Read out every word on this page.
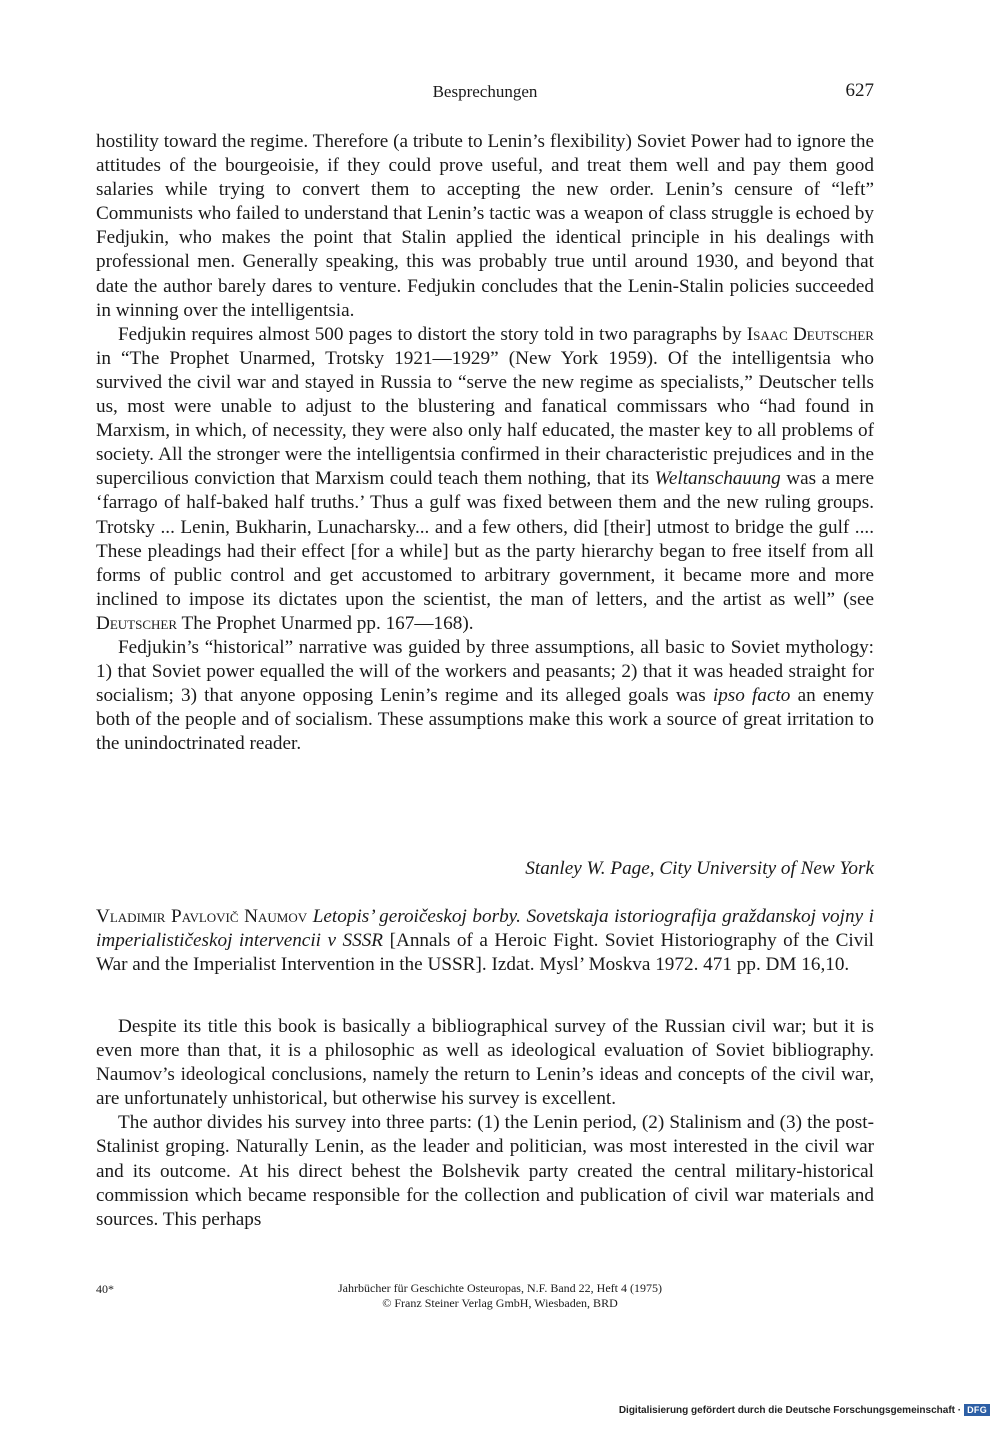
Besprechungen	627

hostility toward the regime. Therefore (a tribute to Lenin’s flexibility) Soviet Power had to ignore the attitudes of the bourgeoisie, if they could prove useful, and treat them well and pay them good salaries while trying to convert them to accepting the new order. Lenin’s censure of “left” Communists who failed to understand that Lenin’s tactic was a weapon of class struggle is echoed by Fedjukin, who makes the point that Stalin applied the identical principle in his dealings with professional men. Generally speaking, this was probably true until around 1930, and beyond that date the author barely dares to venture. Fedjukin concludes that the Lenin-Stalin policies succeeded in winning over the intelligentsia.

Fedjukin requires almost 500 pages to distort the story told in two paragraphs by Isaac Deutscher in “The Prophet Unarmed, Trotsky 1921—1929” (New York 1959). Of the intelligentsia who survived the civil war and stayed in Russia to “serve the new regime as specialists,” Deutscher tells us, most were unable to adjust to the blustering and fanatical commissars who “had found in Marxism, in which, of necessity, they were also only half educated, the master key to all problems of society. All the stronger were the intelligentsia confirmed in their characteristic prejudices and in the supercilious conviction that Marxism could teach them nothing, that its Weltanschauung was a mere ‘farrago of half-baked half truths.’ Thus a gulf was fixed between them and the new ruling groups. Trotsky ... Lenin, Bukharin, Lunacharsky... and a few others, did [their] utmost to bridge the gulf .... These pleadings had their effect [for a while] but as the party hierarchy began to free itself from all forms of public control and get accustomed to arbitrary government, it became more and more inclined to impose its dictates upon the scientist, the man of letters, and the artist as well” (see Deutscher The Prophet Unarmed pp. 167—168).

Fedjukin’s “historical” narrative was guided by three assumptions, all basic to Soviet mythology: 1) that Soviet power equalled the will of the workers and peasants; 2) that it was headed straight for socialism; 3) that anyone opposing Lenin’s regime and its alleged goals was ipso facto an enemy both of the people and of socialism. These assumptions make this work a source of great irritation to the unindoctrinated reader.

Stanley W. Page, City University of New York

Vladimir Pavlovič Naumov Letopis’ geroičeskoj borby. Sovetskaja istoriografija graždanskoj vojny i imperialističeskoj intervencii v SSSR [Annals of a Heroic Fight. Soviet Historiography of the Civil War and the Imperialist Intervention in the USSR]. Izdat. Mysl’ Moskva 1972. 471 pp. DM 16,10.

Despite its title this book is basically a bibliographical survey of the Russian civil war; but it is even more than that, it is a philosophic as well as ideological evaluation of Soviet bibliography. Naumov’s ideological conclusions, namely the return to Lenin’s ideas and concepts of the civil war, are unfortunately unhistorical, but otherwise his survey is excellent.

The author divides his survey into three parts: (1) the Lenin period, (2) Stalinism and (3) the post-Stalinist groping. Naturally Lenin, as the leader and politician, was most interested in the civil war and its outcome. At his direct behest the Bolshevik party created the central military-historical commission which became responsible for the collection and publication of civil war materials and sources. This perhaps

40*	Jahrbücher für Geschichte Osteuropas, N.F. Band 22, Heft 4 (1975)
© Franz Steiner Verlag GmbH, Wiesbaden, BRD
Digitalisierung gefördert durch die Deutsche Forschungsgemeinschaft · DFG
